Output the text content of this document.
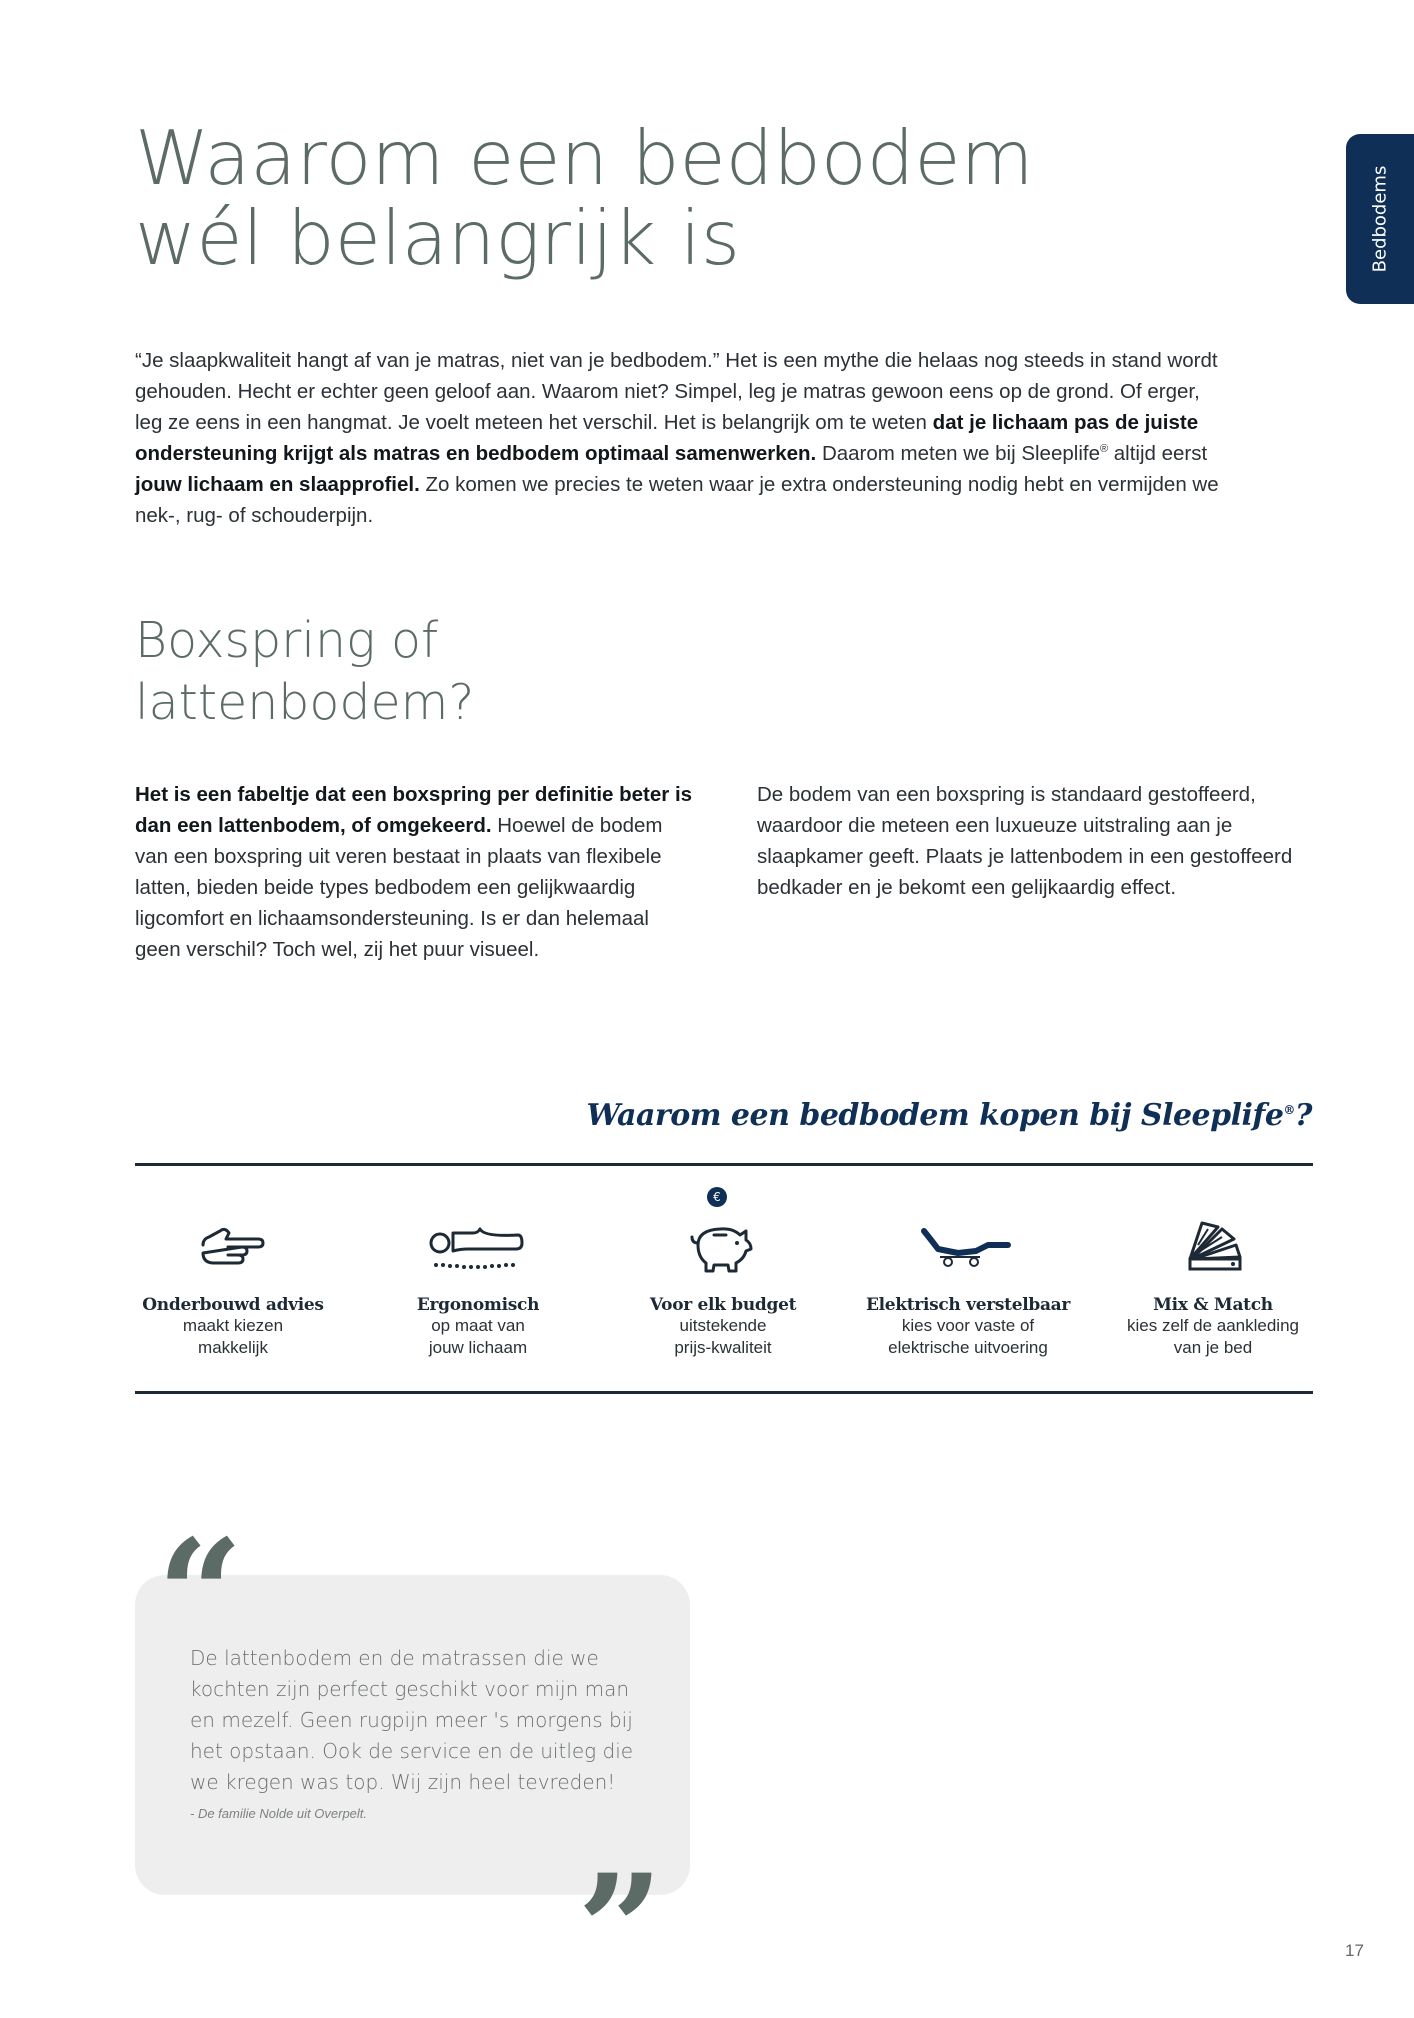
Waarom een bedbodem
wél belangrijk is	Bedbodems

“Je slaapkwaliteit hangt af van je matras, niet van je bedbodem.” Het is een mythe die helaas nog steeds in stand wordt gehouden. Hecht er echter geen geloof aan. Waarom niet? Simpel, leg je matras gewoon eens op de grond. Of erger, leg ze eens in een hangmat. Je voelt meteen het verschil. Het is belangrijk om te weten dat je lichaam pas de juiste ondersteuning krijgt als matras en bedbodem optimaal samenwerken. Daarom meten we bij Sleeplife® altijd eerst jouw lichaam en slaapprofiel. Zo komen we precies te weten waar je extra ondersteuning nodig hebt en vermijden we nek-, rug- of schouderpijn.

Boxspring of
lattenbodem?

Het is een fabeltje dat een boxspring per definitie beter is dan een lattenbodem, of omgekeerd. Hoewel de bodem van een boxspring uit veren bestaat in plaats van flexibele latten, bieden beide types bedbodem een gelijkwaardig ligcomfort en lichaamsondersteuning. Is er dan helemaal geen verschil? Toch wel, zij het puur visueel.

De bodem van een boxspring is standaard gestoffeerd, waardoor die meteen een luxueuze uitstraling aan je slaapkamer geeft. Plaats je lattenbodem in een gestoffeerd bedkader en je bekomt een gelijkaardig effect.

Waarom een bedbodem kopen bij Sleeplife®?
Onderbouwd advies
maakt kiezen
makkelijk
Ergonomisch
op maat van
jouw lichaam
€
Voor elk budget
uitstekende
prijs-kwaliteit
Elektrisch verstelbaar
kies voor vaste of
elektrische uitvoering
Mix & Match
kies zelf de aankleding
van je bed
“

De lattenbodem en de matrassen die we kochten zijn perfect geschikt voor mijn man en mezelf. Geen rugpijn meer 's morgens bij het opstaan. Ook de service en de uitleg die we kregen was top. Wij zijn heel tevreden!

- De familie Nolde uit Overpelt.

”	17
